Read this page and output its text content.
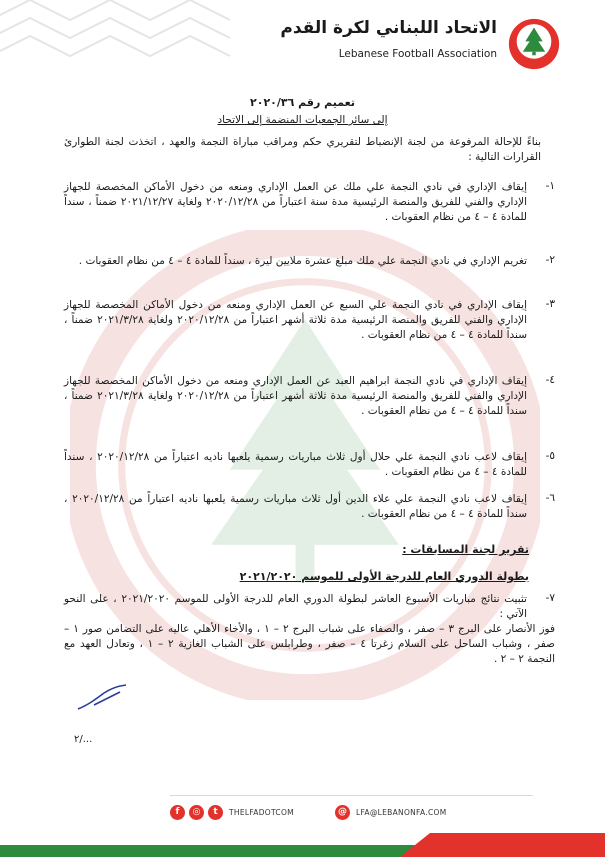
الاتحاد اللبناني لكرة القدم
Lebanese Football Association
تعميم رقم ٢٠٢٠/٣٦
إلى سائر الجمعيات المنضمة إلى الاتحاد
بناءً للإحالة المرفوعة من لجنة الإنضباط لتقريري حكم ومراقب مباراة النجمة والعهد ، اتخذت لجنة الطوارئ القرارات التالية :
١-
إيقاف الإداري في نادي النجمة علي ملك عن العمل الإداري ومنعه من دخول الأماكن المخصصة للجهاز الإداري والفني للفريق والمنصة الرئيسية مدة سنة اعتباراً من ٢٠٢٠/١٢/٢٨ ولغاية ٢٠٢١/١٢/٢٧ ضمناً ، سنداً للمادة ٤ – ٤ من نظام العقوبات .
٢-
تغريم الإداري في نادي النجمة علي ملك مبلغ عشرة ملايين ليرة ، سنداً للمادة ٤ – ٤ من نظام العقوبات .
٣-
إيقاف الإداري في نادي النجمة علي السبع عن العمل الإداري ومنعه من دخول الأماكن المخصصة للجهاز الإداري والفني للفريق والمنصة الرئيسية مدة ثلاثة أشهر اعتباراً من ٢٠٢٠/١٢/٢٨ ولغاية ٢٠٢١/٣/٢٨ ضمناً ، سنداً للمادة ٤ – ٤ من نظام العقوبات .
٤-
إيقاف الإداري في نادي النجمة ابراهيم العبد عن العمل الإداري ومنعه من دخول الأماكن المخصصة للجهاز الإداري والفني للفريق والمنصة الرئيسية مدة ثلاثة أشهر اعتباراً من ٢٠٢٠/١٢/٢٨ ولغاية ٢٠٢١/٣/٢٨ ضمناً ، سنداً للمادة ٤ – ٤ من نظام العقوبات .
٥-
إيقاف لاعب نادي النجمة علي حلال أول ثلاث مباريات رسمية يلعبها ناديه اعتباراً من ٢٠٢٠/١٢/٢٨ ، سنداً للمادة ٤ – ٤ من نظام العقوبات .
٦-
إيقاف لاعب نادي النجمة علي علاء الدين أول ثلاث مباريات رسمية يلعبها ناديه اعتباراً من ٢٠٢٠/١٢/٢٨ ، سنداً للمادة ٤ – ٤ من نظام العقوبات .
تقرير لجنة المسابقات :
بطولة الدوري العام للدرجة الأولى للموسم ٢٠٢١/٢٠٢٠
٧-
تثبيت نتائج مباريات الأسبوع العاشر لبطولة الدوري العام للدرجة الأولى للموسم ٢٠٢١/٢٠٢٠ ، على النحو الآتي :
فوز الأنصار على البرج ٣ – صفر ، والصفاء على شباب البرج ٢ – ١ ، والأخاء الأهلي عاليه على التضامن صور ١ – صفر ، وشباب الساحل على السلام زغرتا ٤ – صفر ، وطرابلس على الشباب الغازية ٢ – ١ ، وتعادل العهد مع النجمة ٢ – ٢ .
٢/...
f	◎	t	THELFADOTCOM	@	LFA@LEBANONFA.COM
